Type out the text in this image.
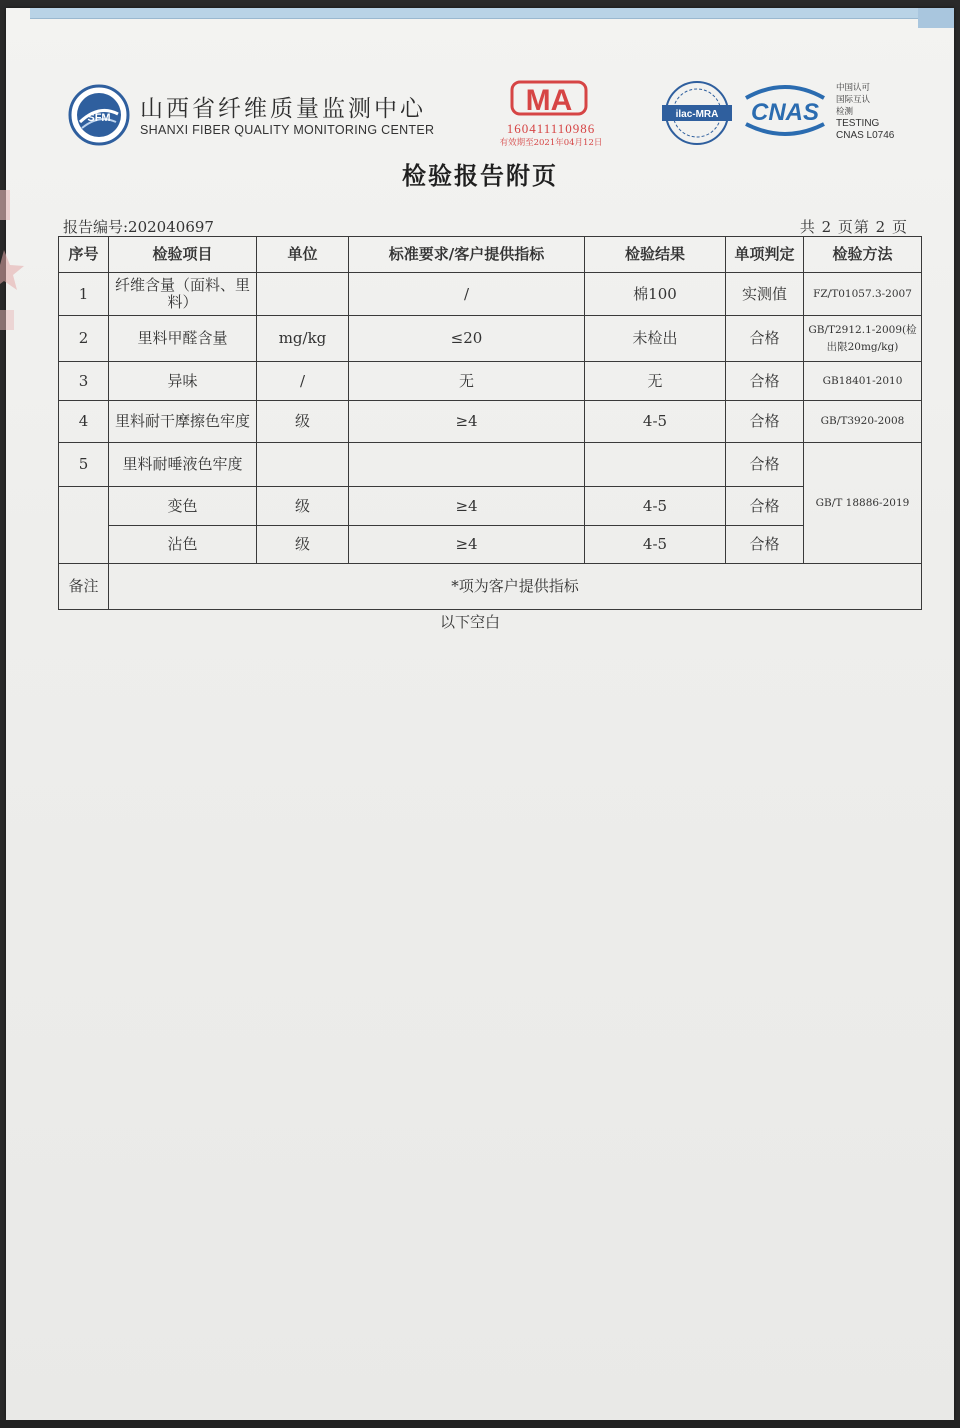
SFM 山西省纤维质量监测中心
SHANXI FIBER QUALITY MONITORING CENTER
MA
160411110986
有效期至2021年04月12日
ilac-MRA CNAS
中国认可
国际互认
检测
TESTING
CNAS L0746
检验报告附页
报告编号:202040697	共 2 页第 2 页
序号	检验项目	单位	标准要求/客户提供指标	检验结果	单项判定	检验方法
1	纤维含量（面料、里料）		/	棉100	实测值	FZ/T01057.3-2007
2	里料甲醛含量	mg/kg	≤20	未检出	合格	GB/T2912.1-2009(检出限20mg/kg)
3	异味	/	无	无	合格	GB18401-2010
4	里料耐干摩擦色牢度	级	≥4	4-5	合格	GB/T3920-2008
5	里料耐唾液色牢度				合格	GB/T 18886-2019
	变色	级	≥4	4-5	合格	
	沾色	级	≥4	4-5	合格	
备注	*项为客户提供指标					
以下空白
